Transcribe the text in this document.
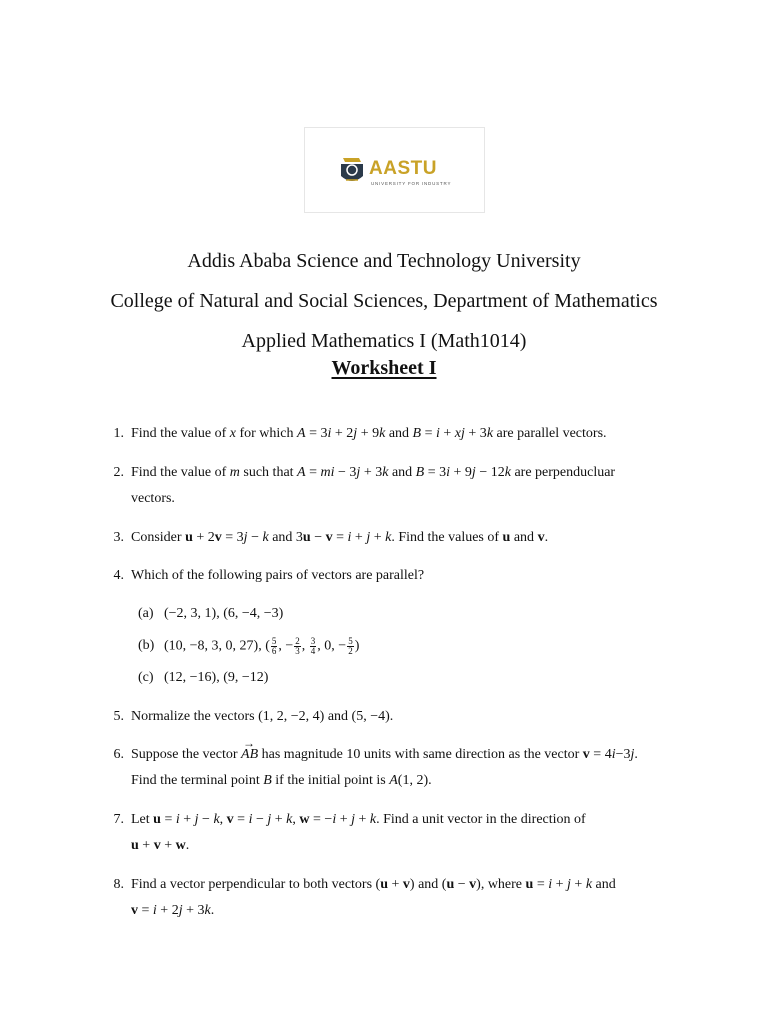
AASTU
UNIVERSITY FOR INDUSTRY
Addis Ababa Science and Technology University
College of Natural and Social Sciences, Department of Mathematics
Applied Mathematics I (Math1014)
Worksheet I
1. Find the value of x for which A = 3i + 2j + 9k and B = i + xj + 3k are parallel vectors.
2. Find the value of m such that A = mi − 3j + 3k and B = 3i + 9j − 12k are perpenducluar
vectors.
3. Consider u + 2v = 3j − k and 3u − v = i + j + k. Find the values of u and v.
4. Which of the following pairs of vectors are parallel?
(a) (−2, 3, 1), (6, −4, −3)
(b) (10, −8, 3, 0, 27), ( $\frac{5}{6}$ , − $\frac{2}{3}$ , $\frac{3}{4}$ , 0, − $\frac{5}{2}$ )
(c) (12, −16), (9, −12)
5. Normalize the vectors (1, 2, −2, 4) and (5, −4).
6. Suppose the vector → AB has magnitude 10 units with same direction as the vector v = 4i−3j.
Find the terminal point B if the initial point is A(1, 2).
7. Let u = i + j − k, v = i − j + k, w = −i + j + k. Find a unit vector in the direction of
u + v + w.
8. Find a vector perpendicular to both vectors (u + v) and (u − v), where u = i + j + k and
v = i + 2j + 3k.
